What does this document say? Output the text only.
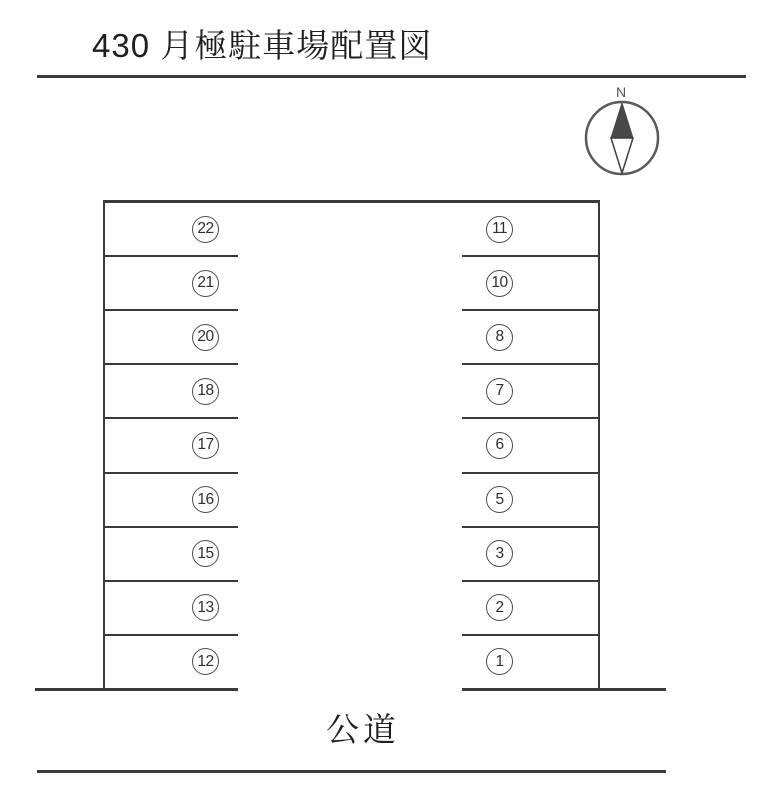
430 月極駐車場配置図
N
22
21
20
18
17
16
15
13
12
11
10
8
7
6
5
3
2
1
公道
